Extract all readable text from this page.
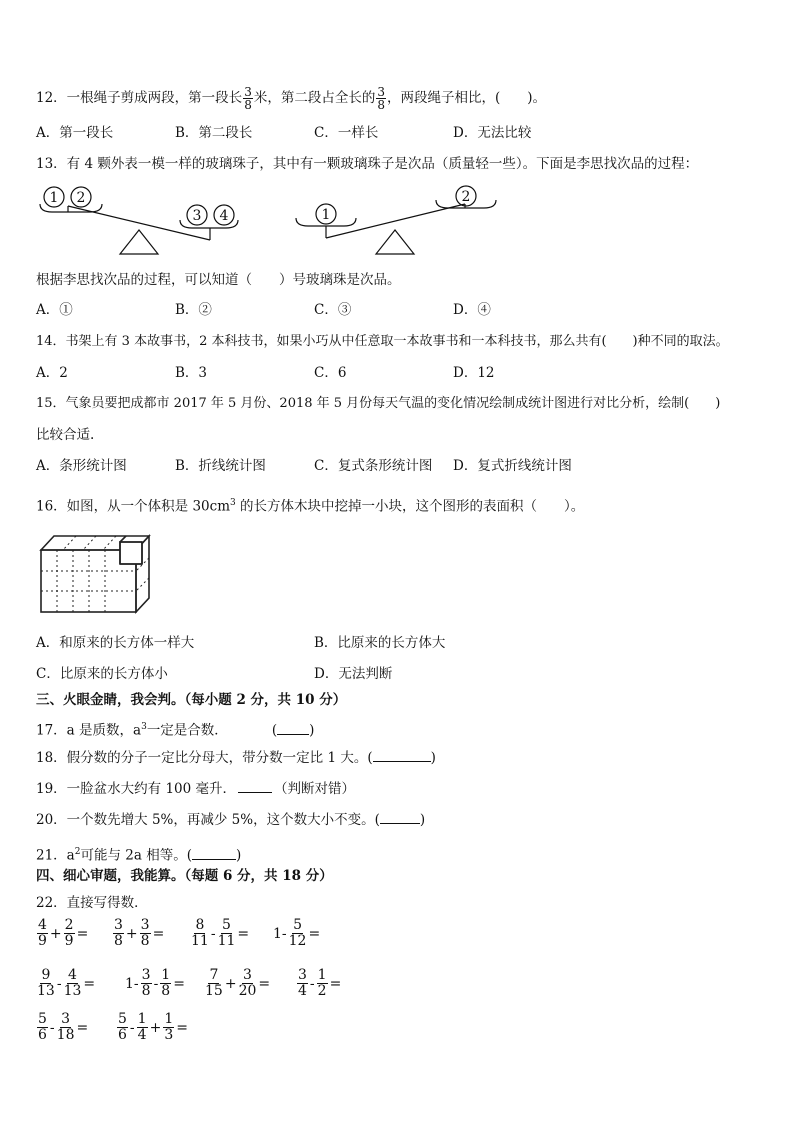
12．一根绳子剪成两段，第一段长 $\frac{3}{8}$ 米，第二段占全长的 $\frac{3}{8}$ ，两段绳子相比，(　　)。
A．第一段长	B．第二段长	C．一样长	D．无法比较
13．有 4 颗外表一模一样的玻璃珠子，其中有一颗玻璃珠子是次品（质量轻一些）。下面是李思找次品的过程：
1 2
3 4	1
2
根据李思找次品的过程，可以知道（　　）号玻璃珠是次品。
A．①	B．②	C．③	D．④
14．书架上有 3 本故事书，2 本科技书，如果小巧从中任意取一本故事书和一本科技书，那么共有(　　)种不同的取法。
A．2	B．3	C．6	D．12
15．气象员要把成都市 2017 年 5 月份、2018 年 5 月份每天气温的变化情况绘制成统计图进行对比分析，绘制(　　)
比较合适.
A．条形统计图	B．折线统计图	C．复式条形统计图 D．复式折线统计图
16．如图，从一个体积是 $30cm^3$ 的长方体木块中挖掉一小块，这个图形的表面积（　　）。
A．和原来的长方体一样大	B．比原来的长方体大
C．比原来的长方体小	D．无法判断
三、火眼金睛，我会判。（每小题 2 分，共 10 分）
17．a 是质数，$a^3$一定是合数．	( )
18．假分数的分子一定比分母大，带分数一定比 1 大。(	)
19．一脸盆水大约有 100 毫升．	（判断对错）
20．一个数先增大 5%，再减少 5%，这个数大小不变。(	)
21．$a^2$可能与 2a 相等。(	)
四、细心审题，我能算。（每题 6 分，共 18 分）
22．直接写得数．
$\frac{4}{9} + \frac{2}{9} = \frac{3}{8} + \frac{3}{8} = \frac{8}{11} - \frac{5}{11} = 1- \frac{5}{12}$ =
$\frac{9}{13} - \frac{4}{13} = 1- \frac{3}{8} - \frac{1}{8} = \frac{7}{15} + \frac{3}{20} = \frac{3}{4} - \frac{1}{2}$ =
$\frac{5}{6} - \frac{3}{18} = \frac{5}{6} - \frac{1}{4} + \frac{1}{3}$ =
